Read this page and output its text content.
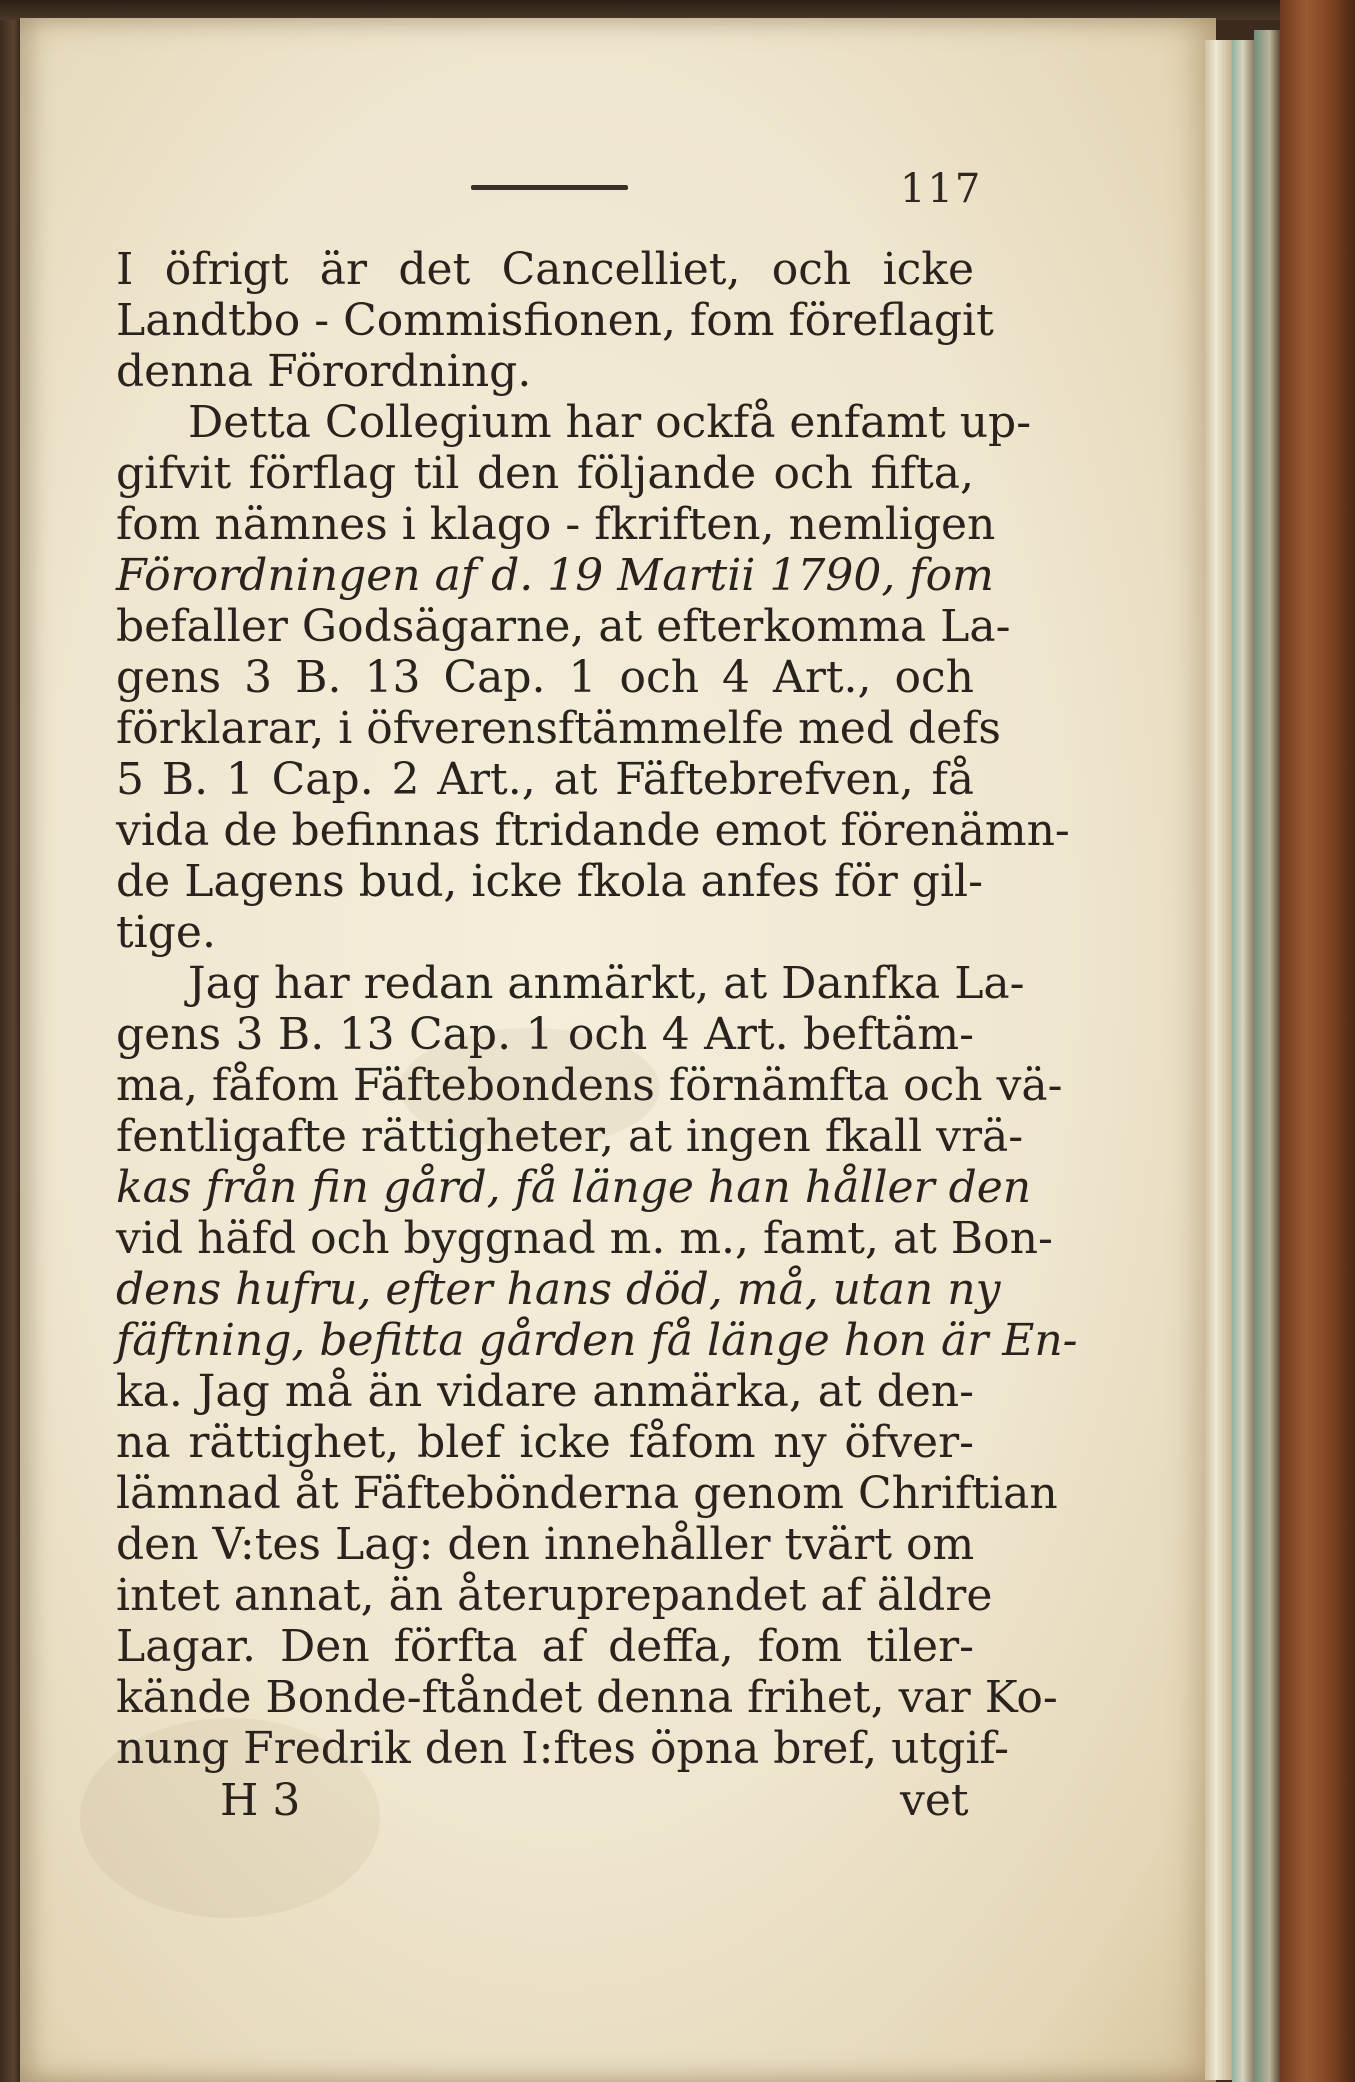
117
I öfrigt är det Cancelliet, och icke
Landtbo - Commisfionen, fom föreflagit
denna Förordning.
Detta Collegium har ockfå enfamt up-
gifvit förflag til den följande och fifta,
fom nämnes i klago - fkriften, nemligen
Förordningen af d. 19 Martii 1790, fom
befaller Godsägarne, at efterkomma La-
gens 3 B. 13 Cap. 1 och 4 Art., och
förklarar, i öfverensftämmelfe med defs
5 B. 1 Cap. 2 Art., at Fäftebrefven, få
vida de befinnas ftridande emot förenämn-
de Lagens bud, icke fkola anfes för gil-
tige.
Jag har redan anmärkt, at Danfka La-
gens 3 B. 13 Cap. 1 och 4 Art. beftäm-
ma, fåfom Fäftebondens förnämfta och vä-
fentligafte rättigheter, at ingen fkall vrä-
kas från fin gård, få länge han håller den
vid häfd och byggnad m. m., famt, at Bon-
dens hufru, efter hans död, må, utan ny
fäftning, befitta gården få länge hon är En-
ka. Jag må än vidare anmärka, at den-
na rättighet, blef icke fåfom ny öfver-
lämnad åt Fäftebönderna genom Chriftian
den V:tes Lag: den innehåller tvärt om
intet annat, än återuprepandet af äldre
Lagar. Den förfta af deffa, fom tiler-
kände Bonde-ftåndet denna frihet, var Ko-
nung Fredrik den I:ftes öpna bref, utgif-
H 3	vet
